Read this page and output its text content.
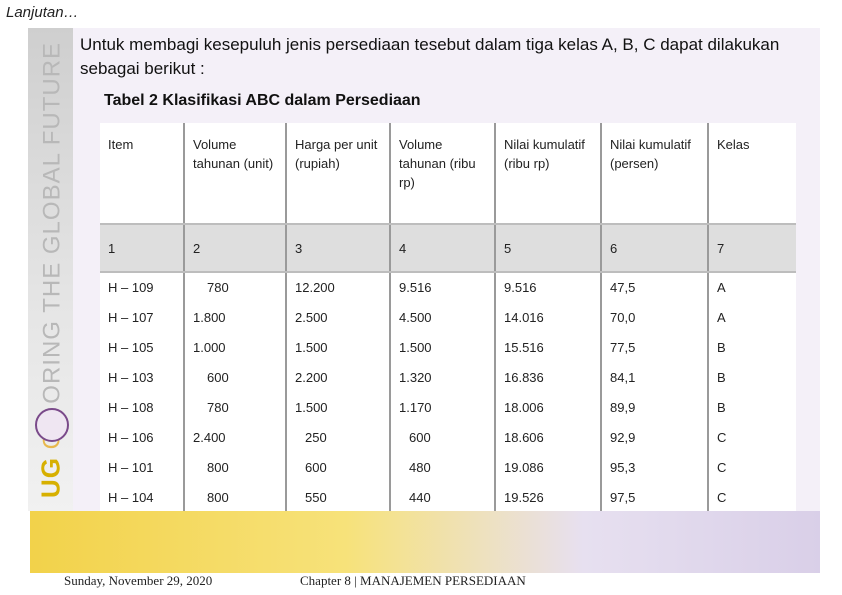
Lanjutan…
UG ORING THE GLOBAL FUTURE Untuk membagi kesepuluh jenis persediaan tesebut dalam tiga kelas A, B, C dapat dilakukan sebagai berikut :
Tabel 2 Klasifikasi ABC dalam Persediaan
Item	Volume tahunan (unit)	Harga per unit (rupiah)	Volume tahunan (ribu rp)	Nilai kumulatif (ribu rp)	Nilai kumulatif (persen)	Kelas
1	2	3	4	5	6	7
H – 109	780	12.200	9.516	9.516	47,5	A
H – 107	1.800	2.500	4.500	14.016	70,0	A
H – 105	1.000	1.500	1.500	15.516	77,5	B
H – 103	600	2.200	1.320	16.836	84,1	B
H – 108	780	1.500	1.170	18.006	89,9	B
H – 106	2.400	250	600	18.606	92,9	C
H – 101	800	600	480	19.086	95,3	C
H – 104	800	550	440	19.526	97,5	C

Sunday, November 29, 2020	Chapter 8 | MANAJEMEN PERSEDIAAN
